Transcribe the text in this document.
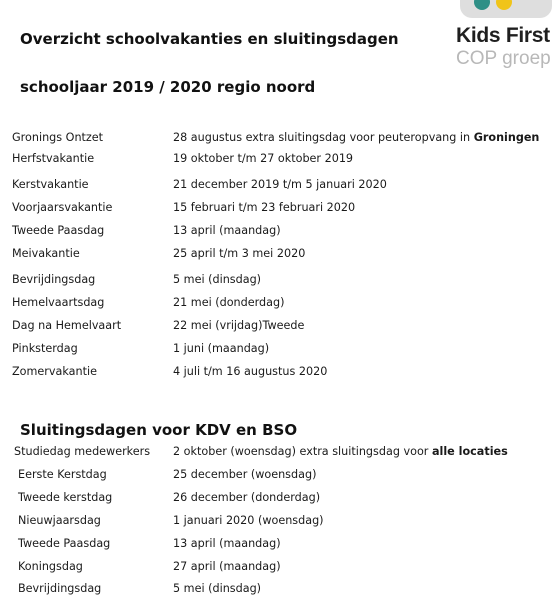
Kids First
COP groep
Overzicht schoolvakanties en sluitingsdagen
schooljaar 2019 / 2020 regio noord
Gronings Ontzet	28 augustus extra sluitingsdag voor peuteropvang in Groningen
Herfstvakantie	19 oktober t/m 27 oktober 2019
Kerstvakantie	21 december 2019 t/m 5 januari 2020
Voorjaarsvakantie	15 februari t/m 23 februari 2020
Tweede Paasdag	13 april (maandag)
Meivakantie	25 april t/m 3 mei 2020
Bevrijdingsdag	5 mei (dinsdag)
Hemelvaartsdag	21 mei (donderdag)
Dag na Hemelvaart	22 mei (vrijdag)Tweede
Pinksterdag	1 juni (maandag)
Zomervakantie	4 juli t/m 16 augustus 2020
Sluitingsdagen voor KDV en BSO
Studiedag medewerkers 2 oktober (woensdag) extra sluitingsdag voor alle locaties
Eerste Kerstdag	25 december (woensdag)
Tweede kerstdag	26 december (donderdag)
Nieuwjaarsdag	1 januari 2020 (woensdag)
Tweede Paasdag	13 april (maandag)
Koningsdag	27 april (maandag)
Bevrijdingsdag	5 mei (dinsdag)
